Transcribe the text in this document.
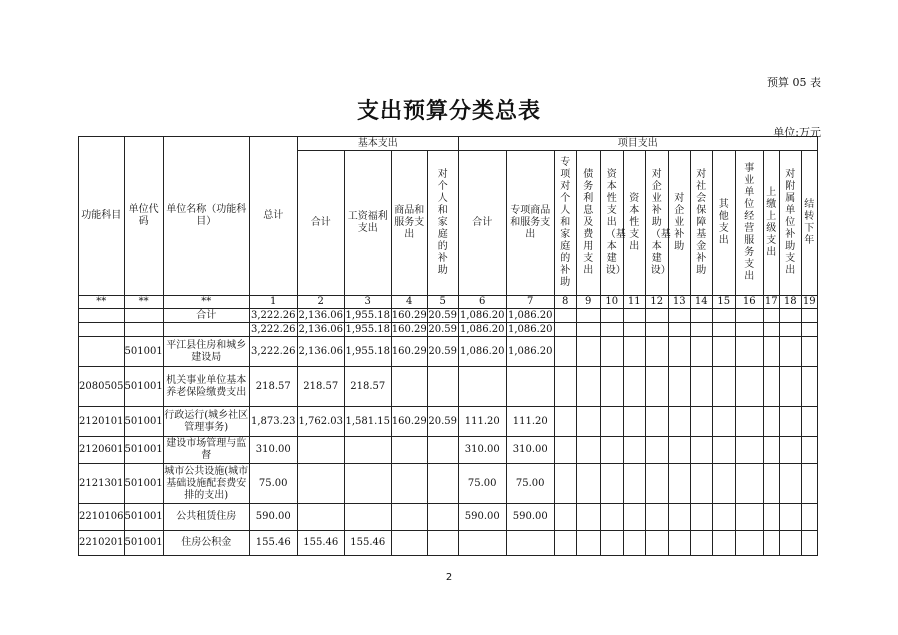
预算 05 表
支出预算分类总表
单位:万元
功能科目	单位代码	单位名称（功能科目）	总计	基本支出				项目支出													
				合计	工资福利支出	商品和服务支出	对个人和家庭的补助	合计	专项商品和服务支出	专项对个人和家庭的补助	债务利息及费用支出	资本性支出（基本建设）	资本性支出	对企业补助（基本建设）	对企业补助	对社会保障基金补助	其他支出	事业单位经营服务支出	上缴上级支出	对附属单位补助支出	结转下年

**	**	**	1	2	3	4	5	6	7	8	9	10	11	12	13	14	15	16	17	18	19
		合计	3,222.26	2,136.06	1,955.18	160.29	20.59	1,086.20	1,086.20												
			3,222.26	2,136.06	1,955.18	160.29	20.59	1,086.20	1,086.20												
	501001	平江县住房和城乡建设局	3,222.26	2,136.06	1,955.18	160.29	20.59	1,086.20	1,086.20												
2080505	501001	机关事业单位基本养老保险缴费支出	218.57	218.57	218.57																
2120101	501001	行政运行(城乡社区管理事务)	1,873.23	1,762.03	1,581.15	160.29	20.59	111.20	111.20												
2120601	501001	建设市场管理与监督	310.00					310.00	310.00												
2121301	501001	城市公共设施(城市基础设施配套费安排的支出)	75.00					75.00	75.00												
2210106	501001	公共租赁住房	590.00					590.00	590.00												
2210201	501001	住房公积金	155.46	155.46	155.46																
2
